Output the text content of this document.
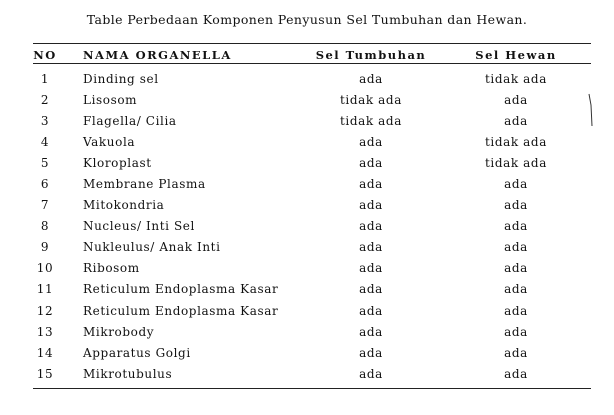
Table Perbedaan Komponen Penyusun Sel Tumbuhan dan Hewan.
NO	NAMA ORGANELLA	Sel Tumbuhan	Sel Hewan
1	Dinding sel	ada	tidak ada
2	Lisosom	tidak ada	ada
3	Flagella/ Cilia	tidak ada	ada
4	Vakuola	ada	tidak ada
5	Kloroplast	ada	tidak ada
6	Membrane Plasma	ada	ada
7	Mitokondria	ada	ada
8	Nucleus/ Inti Sel	ada	ada
9	Nukleulus/ Anak Inti	ada	ada
10	Ribosom	ada	ada
11	Reticulum Endoplasma Kasar	ada	ada
12	Reticulum Endoplasma Kasar	ada	ada
13	Mikrobody	ada	ada
14	Apparatus Golgi	ada	ada
15	Mikrotubulus	ada	ada
